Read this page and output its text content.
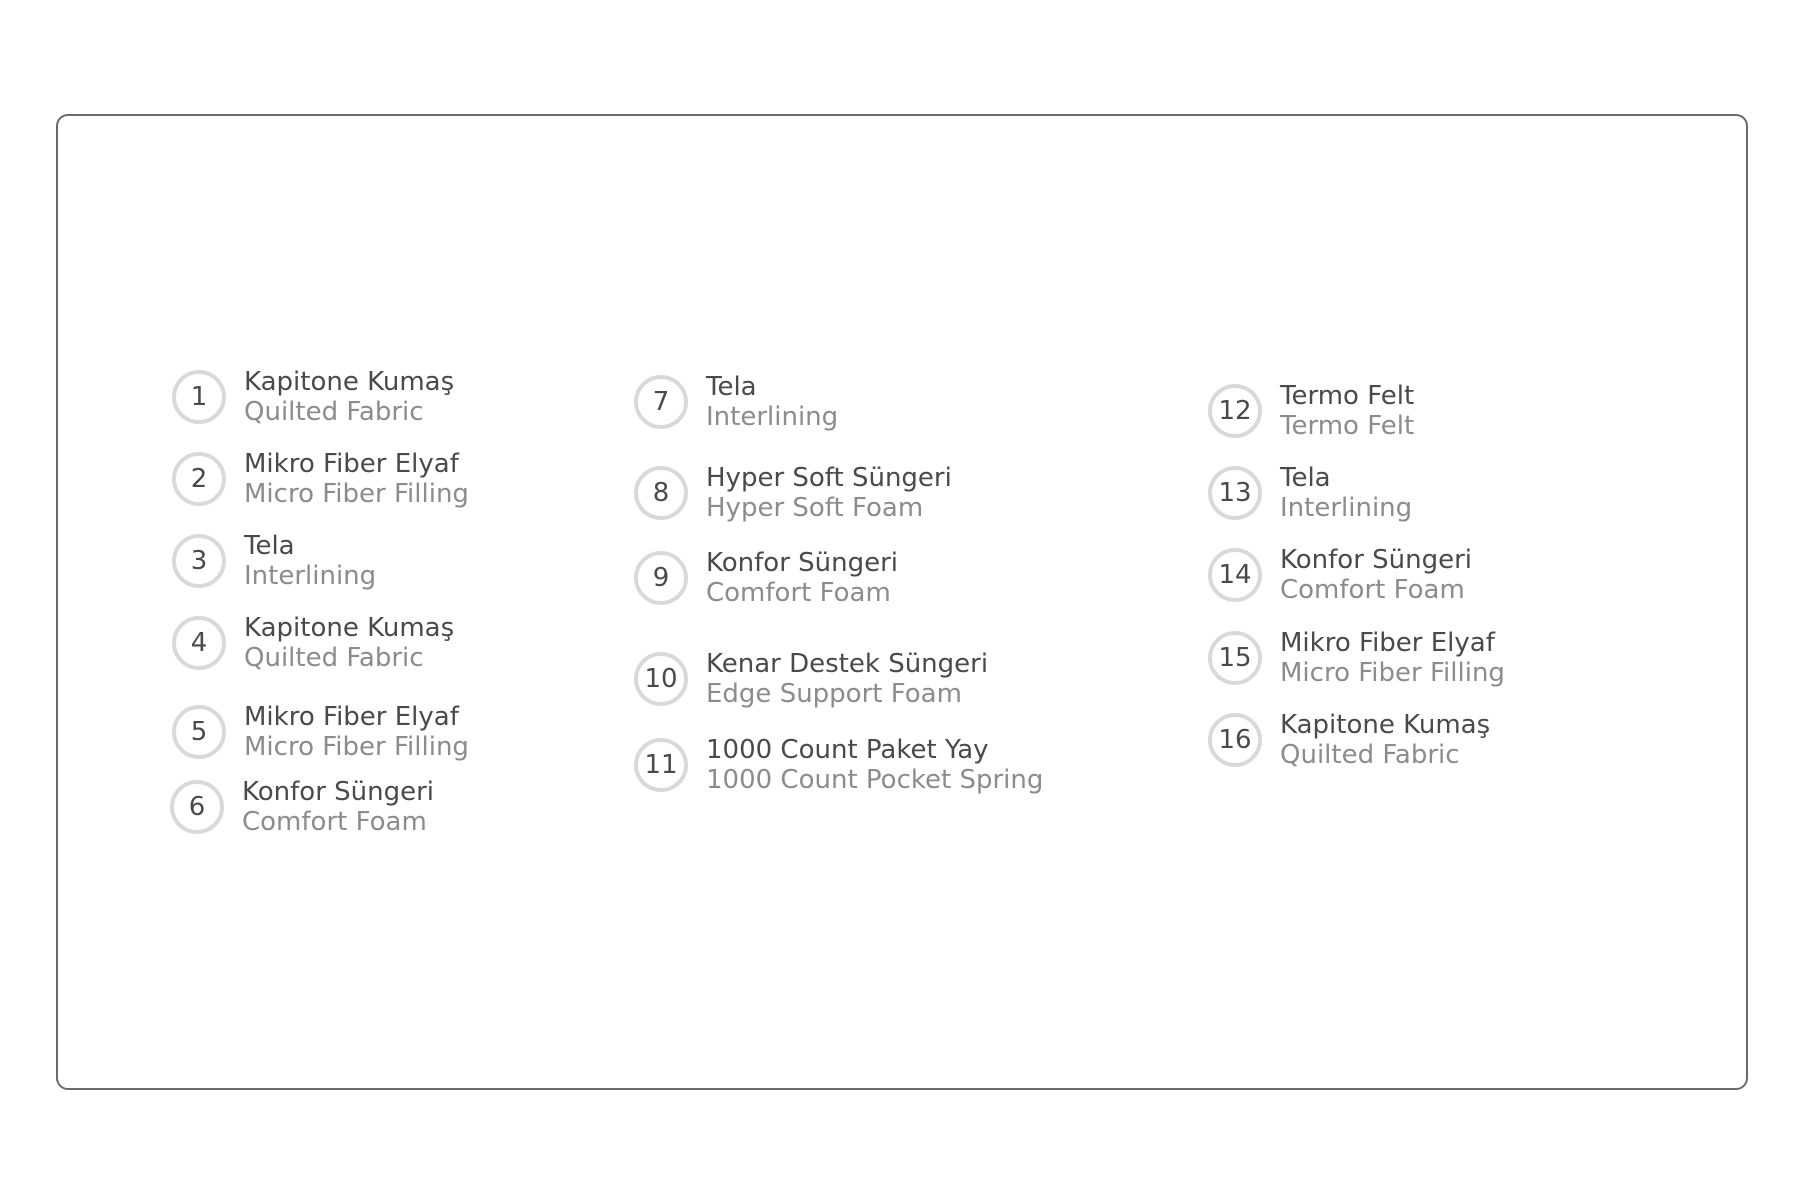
1	Kapitone Kumaş
Quilted Fabric
2	Mikro Fiber Elyaf
Micro Fiber Filling
3	Tela
Interlining
4	Kapitone Kumaş
Quilted Fabric
5	Mikro Fiber Elyaf
Micro Fiber Filling
6	Konfor Süngeri
Comfort Foam
7	Tela
Interlining
8	Hyper Soft Süngeri
Hyper Soft Foam
9	Konfor Süngeri
Comfort Foam
10	Kenar Destek Süngeri
Edge Support Foam
11	1000 Count Paket Yay
1000 Count Pocket Spring
12	Termo Felt
Termo Felt
13	Tela
Interlining
14	Konfor Süngeri
Comfort Foam
15	Mikro Fiber Elyaf
Micro Fiber Filling
16	Kapitone Kumaş
Quilted Fabric
